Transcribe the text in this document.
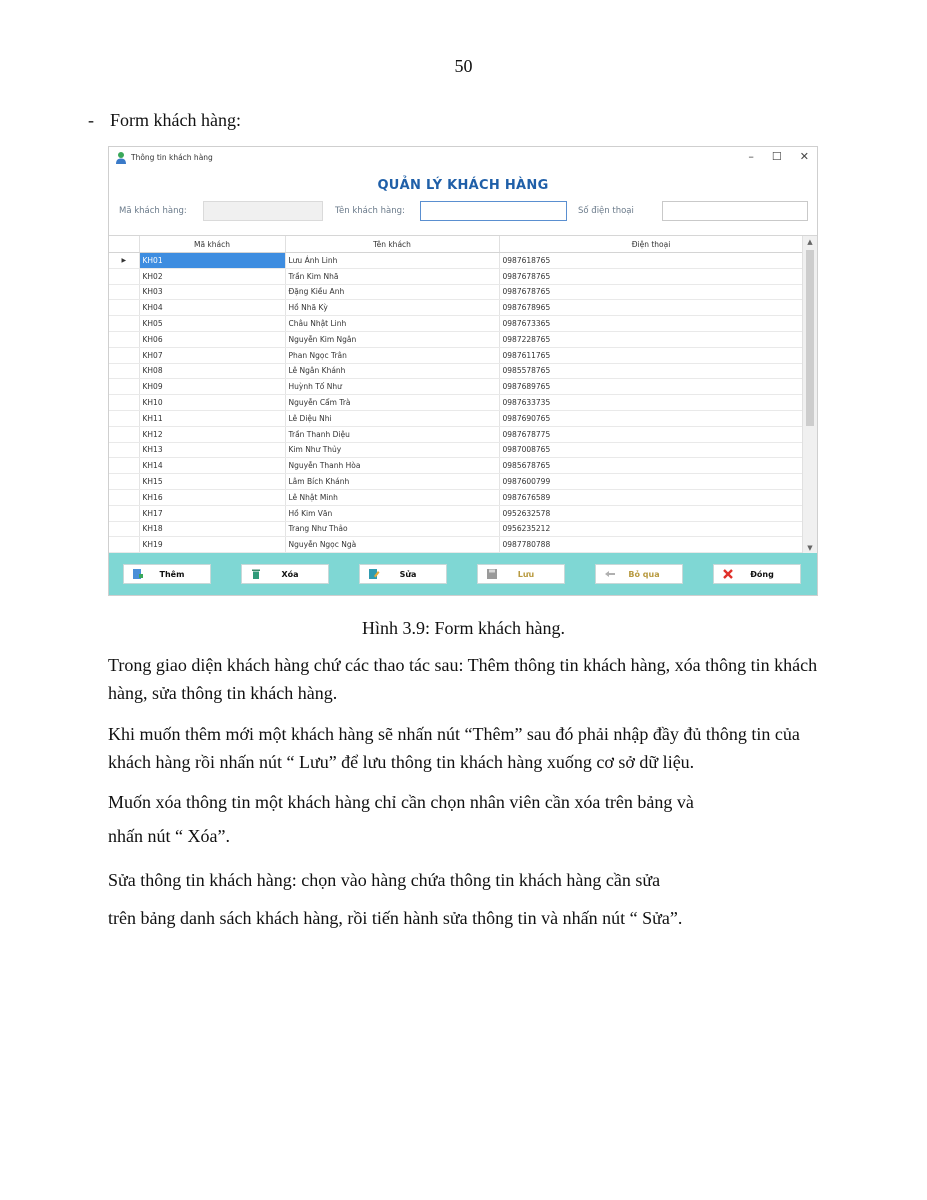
50
- Form khách hàng:
Thông tin khách hàng	– ☐ ✕
QUẢN LÝ KHÁCH HÀNG
Mã khách hàng:	Tên khách hàng:	Số điện thoại
	Mã khách	Tên khách	Điện thoại
▶	KH01	Lưu Ánh Linh	0987618765
	KH02	Trần Kim Nhã	0987678765
	KH03	Đặng Kiều Anh	0987678765
	KH04	Hồ Nhã Kỳ	0987678965
	KH05	Châu Nhật Linh	0987673365
	KH06	Nguyễn Kim Ngân	0987228765
	KH07	Phan Ngọc Trân	0987611765
	KH08	Lê Ngân Khánh	0985578765
	KH09	Huỳnh Tố Như	0987689765
	KH10	Nguyễn Cẩm Trà	0987633735
	KH11	Lê Diệu Nhi	0987690765
	KH12	Trần Thanh Diệu	0987678775
	KH13	Kim Như Thủy	0987008765
	KH14	Nguyễn Thanh Hòa	0985678765
	KH15	Lâm Bích Khánh	0987600799
	KH16	Lê Nhật Minh	0987676589
	KH17	Hồ Kim Văn	0952632578
	KH18	Trang Như Thảo	0956235212
	KH19	Nguyễn Ngọc Ngà	0987780788
▲
▼
Thêm	Xóa	Sửa	Lưu	Bỏ qua	Đóng
Hình 3.9: Form khách hàng.

Trong giao diện khách hàng chứ các thao tác sau: Thêm thông tin khách hàng, xóa thông tin khách hàng, sửa thông tin khách hàng.

Khi muốn thêm mới một khách hàng sẽ nhấn nút “Thêm” sau đó phải nhập đầy đủ thông tin của khách hàng rồi nhấn nút “ Lưu” để lưu thông tin khách hàng xuống cơ sở dữ liệu.

Muốn xóa thông tin một khách hàng chỉ cần chọn nhân viên cần xóa trên bảng và

nhấn nút “ Xóa”.

Sửa thông tin khách hàng: chọn vào hàng chứa thông tin khách hàng cần sửa

trên bảng danh sách khách hàng, rồi tiến hành sửa thông tin và nhấn nút “ Sửa”.
